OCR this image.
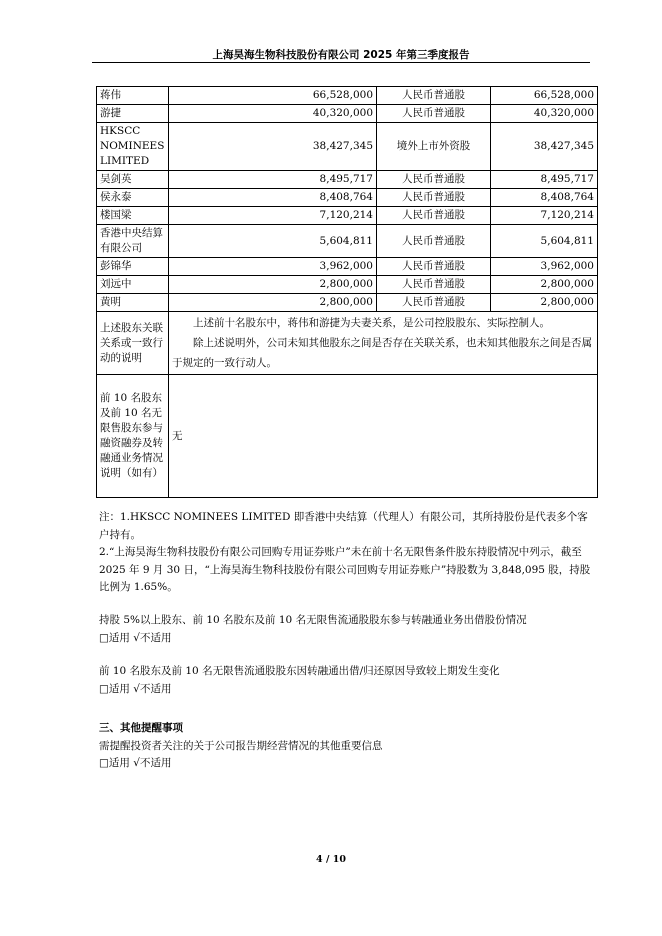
上海昊海生物科技股份有限公司 2025 年第三季度报告
蒋伟	66,528,000	人民币普通股	66,528,000
游捷	40,320,000	人民币普通股	40,320,000
HKSCC NOMINEES LIMITED	38,427,345	境外上市外资股	38,427,345
吴剑英	8,495,717	人民币普通股	8,495,717
侯永泰	8,408,764	人民币普通股	8,408,764
楼国梁	7,120,214	人民币普通股	7,120,214
香港中央结算有限公司	5,604,811	人民币普通股	5,604,811
彭锦华	3,962,000	人民币普通股	3,962,000
刘远中	2,800,000	人民币普通股	2,800,000
黄明	2,800,000	人民币普通股	2,800,000
上述股东关联关系或一致行动的说明	上述前十名股东中，蒋伟和游捷为夫妻关系，是公司控股股东、实际控制人。

除上述说明外，公司未知其他股东之间是否存在关联关系，也未知其他股东之间是否属于规定的一致行动人。		

前 10 名股东及前 10 名无限售股东参与融资融券及转融通业务情况说明（如有）	无		

注：1.HKSCC NOMINEES LIMITED 即香港中央结算（代理人）有限公司，其所持股份是代表多个客户持有。

2.“上海昊海生物科技股份有限公司回购专用证券账户”未在前十名无限售条件股东持股情况中列示，截至 2025 年 9 月 30 日，“上海昊海生物科技股份有限公司回购专用证券账户”持股数为 3,848,095 股，持股比例为 1.65%。

持股 5%以上股东、前 10 名股东及前 10 名无限售流通股股东参与转融通业务出借股份情况

□适用 √不适用

前 10 名股东及前 10 名无限售流通股股东因转融通出借/归还原因导致较上期发生变化

□适用 √不适用

三、其他提醒事项

需提醒投资者关注的关于公司报告期经营情况的其他重要信息

□适用 √不适用

4 / 10
